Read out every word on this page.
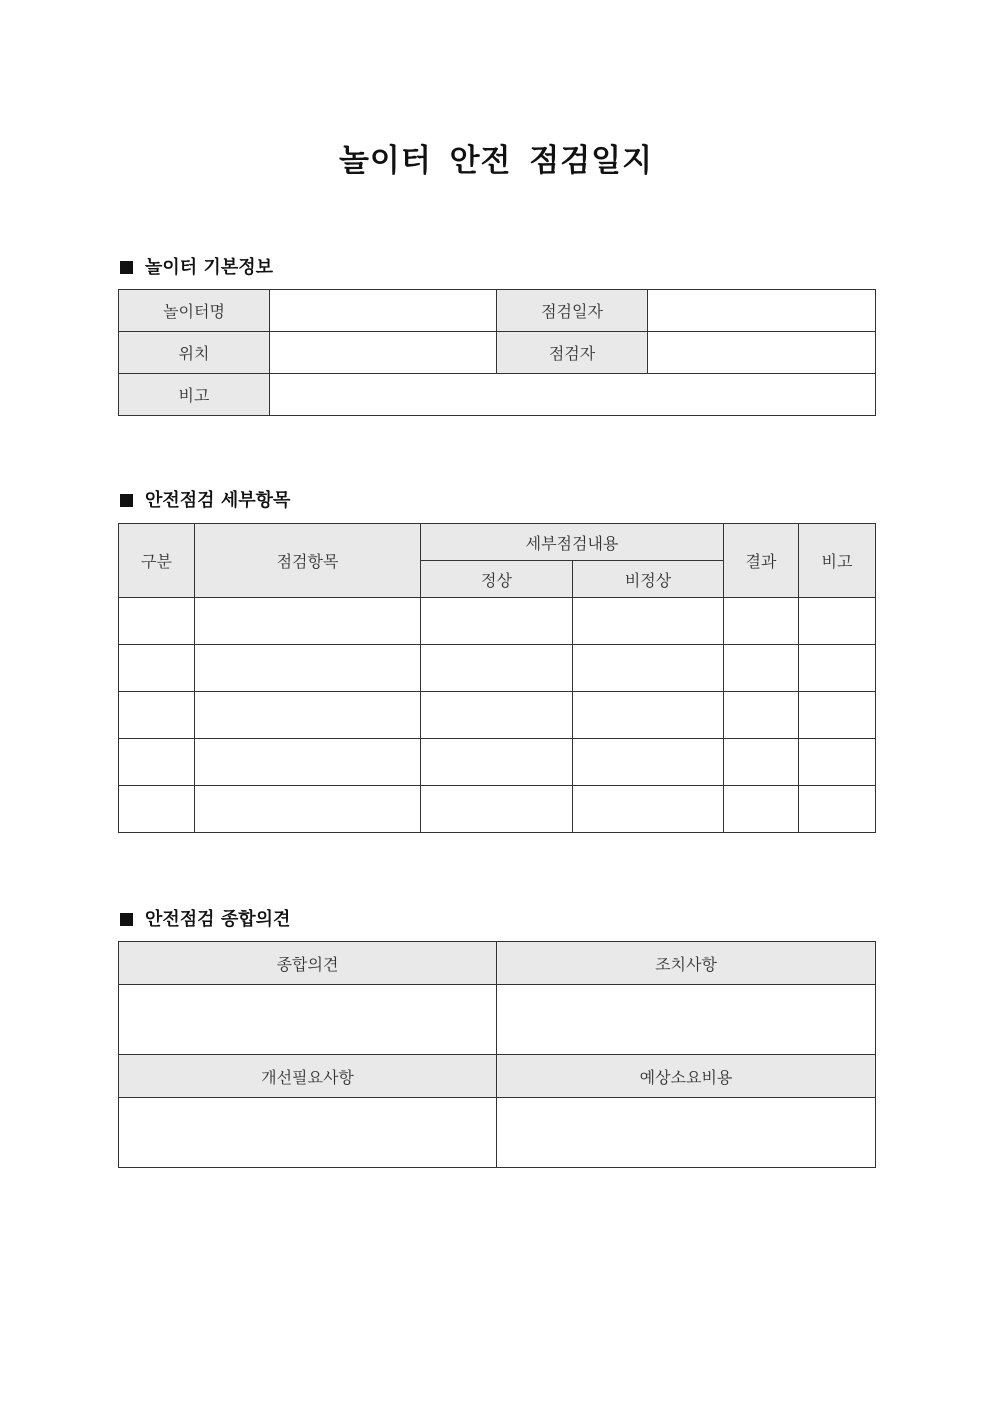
놀이터 안전 점검일지
놀이터 기본정보
놀이터명		점검일자	
위치		점검자	
비고			
안전점검 세부항목
구분	점검항목	세부점검내용		결과	비고
		정상	비정상		

안전점검 종합의견
종합의견	조치사항

개선필요사항	예상소요비용
